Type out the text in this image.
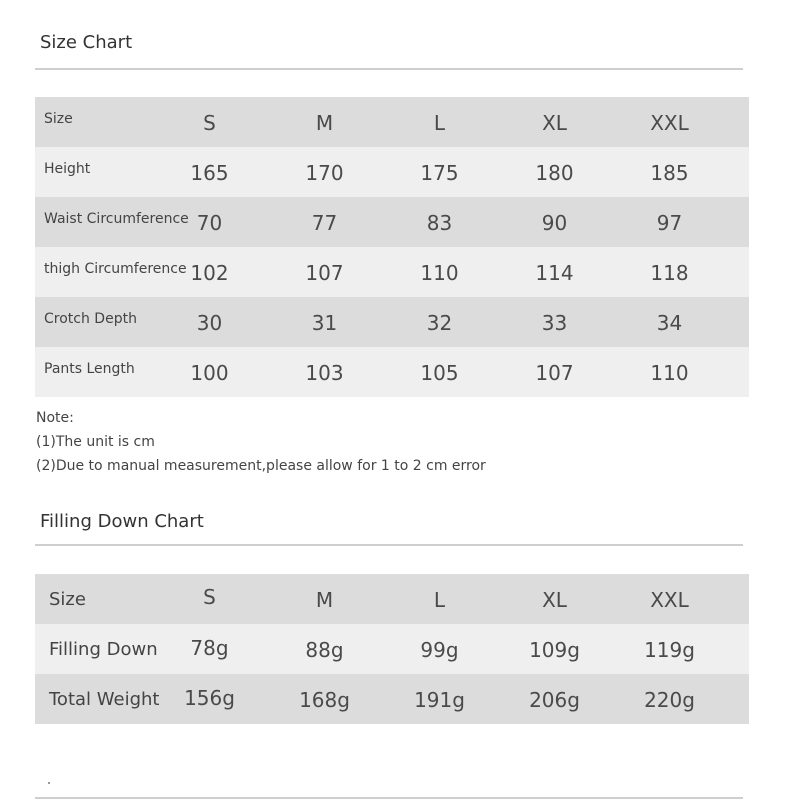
Size Chart
Size	S	M	L	XL	XXL
Height	165	170	175	180	185
Waist Circumference 70	77	83	90	97
thigh Circumference 102	107	110	114	118
Crotch Depth	30	31	32	33	34
Pants Length	100	103	105	107	110
Note:
(1)The unit is cm
(2)Due to manual measurement,please allow for 1 to 2 cm error
Filling Down Chart
Size	S	M	L	XL	XXL
Filling Down	78g	88g	99g	109g	119g
Total Weight	156g	168g	191g	206g	220g
